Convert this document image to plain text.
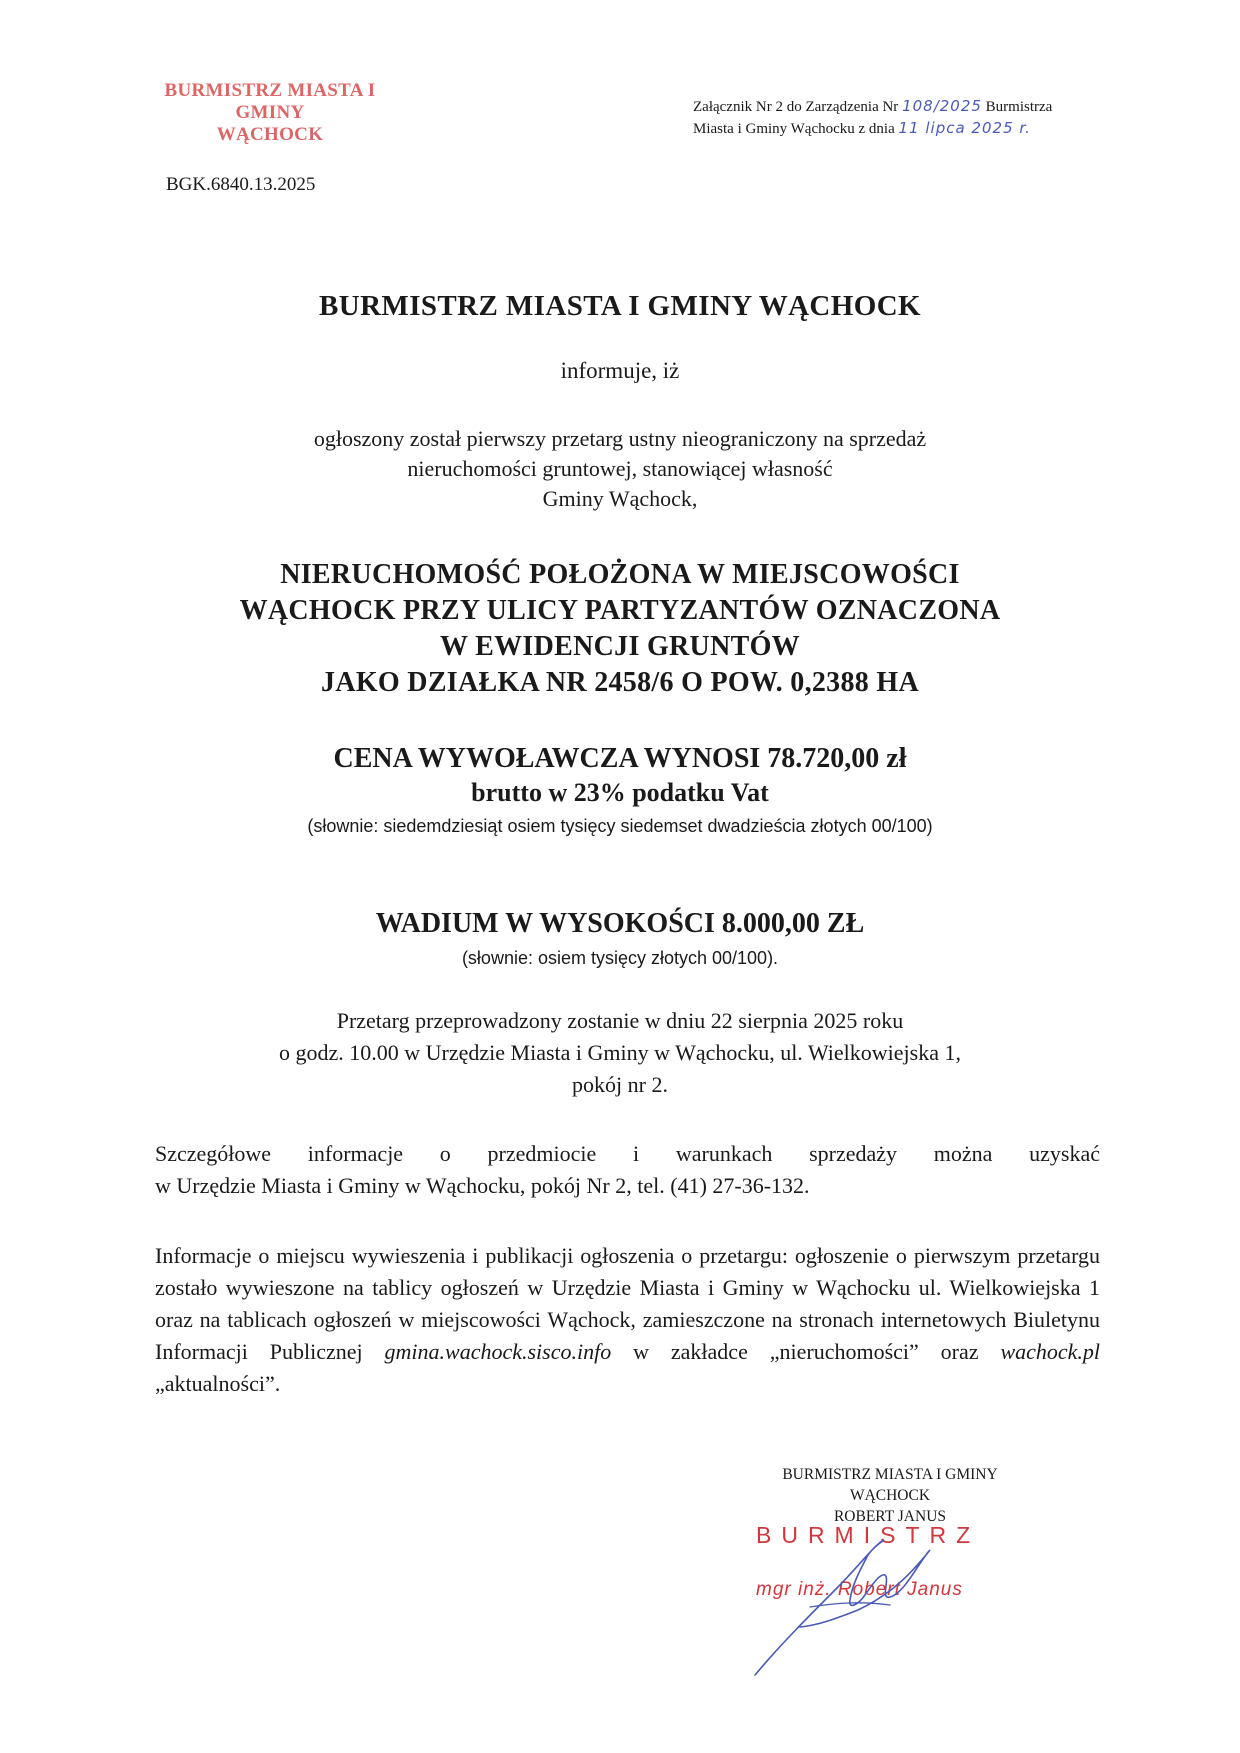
BURMISTRZ MIASTA I GMINY
WĄCHOCK
Załącznik Nr 2 do Zarządzenia Nr 108/2025 Burmistrza
Miasta i Gminy Wąchocku z dnia 11 lipca 2025 r.
BGK.6840.13.2025
BURMISTRZ MIASTA I GMINY WĄCHOCK
informuje, iż
ogłoszony został pierwszy przetarg ustny nieograniczony na sprzedaż
nieruchomości gruntowej, stanowiącej własność
Gminy Wąchock,
NIERUCHOMOŚĆ POŁOŻONA W MIEJSCOWOŚCI
WĄCHOCK PRZY ULICY PARTYZANTÓW OZNACZONA
W EWIDENCJI GRUNTÓW
JAKO DZIAŁKA NR 2458/6 O POW. 0,2388 HA
CENA WYWOŁAWCZA WYNOSI 78.720,00 zł
brutto w 23% podatku Vat
(słownie: siedemdziesiąt osiem tysięcy siedemset dwadzieścia złotych 00/100)
WADIUM W WYSOKOŚCI 8.000,00 ZŁ
(słownie: osiem tysięcy złotych 00/100).
Przetarg przeprowadzony zostanie w dniu 22 sierpnia 2025 roku
o godz. 10.00 w Urzędzie Miasta i Gminy w Wąchocku, ul. Wielkowiejska 1,
pokój nr 2.
Szczegółowe informacje o przedmiocie i warunkach sprzedaży można uzyskać
w Urzędzie Miasta i Gminy w Wąchocku, pokój Nr 2, tel. (41) 27-36-132.
Informacje o miejscu wywieszenia i publikacji ogłoszenia o przetargu: ogłoszenie o pierwszym przetargu zostało wywieszone na tablicy ogłoszeń w Urzędzie Miasta i Gminy w Wąchocku ul. Wielkowiejska 1 oraz na tablicach ogłoszeń w miejscowości Wąchock, zamieszczone na stronach internetowych Biuletynu Informacji Publicznej gmina.wachock.sisco.info w zakładce „nieruchomości” oraz wachock.pl „aktualności”.
BURMISTRZ MIASTA I GMINY
WĄCHOCK
ROBERT JANUS
BURMISTRZ
mgr inż. Robert Janus
